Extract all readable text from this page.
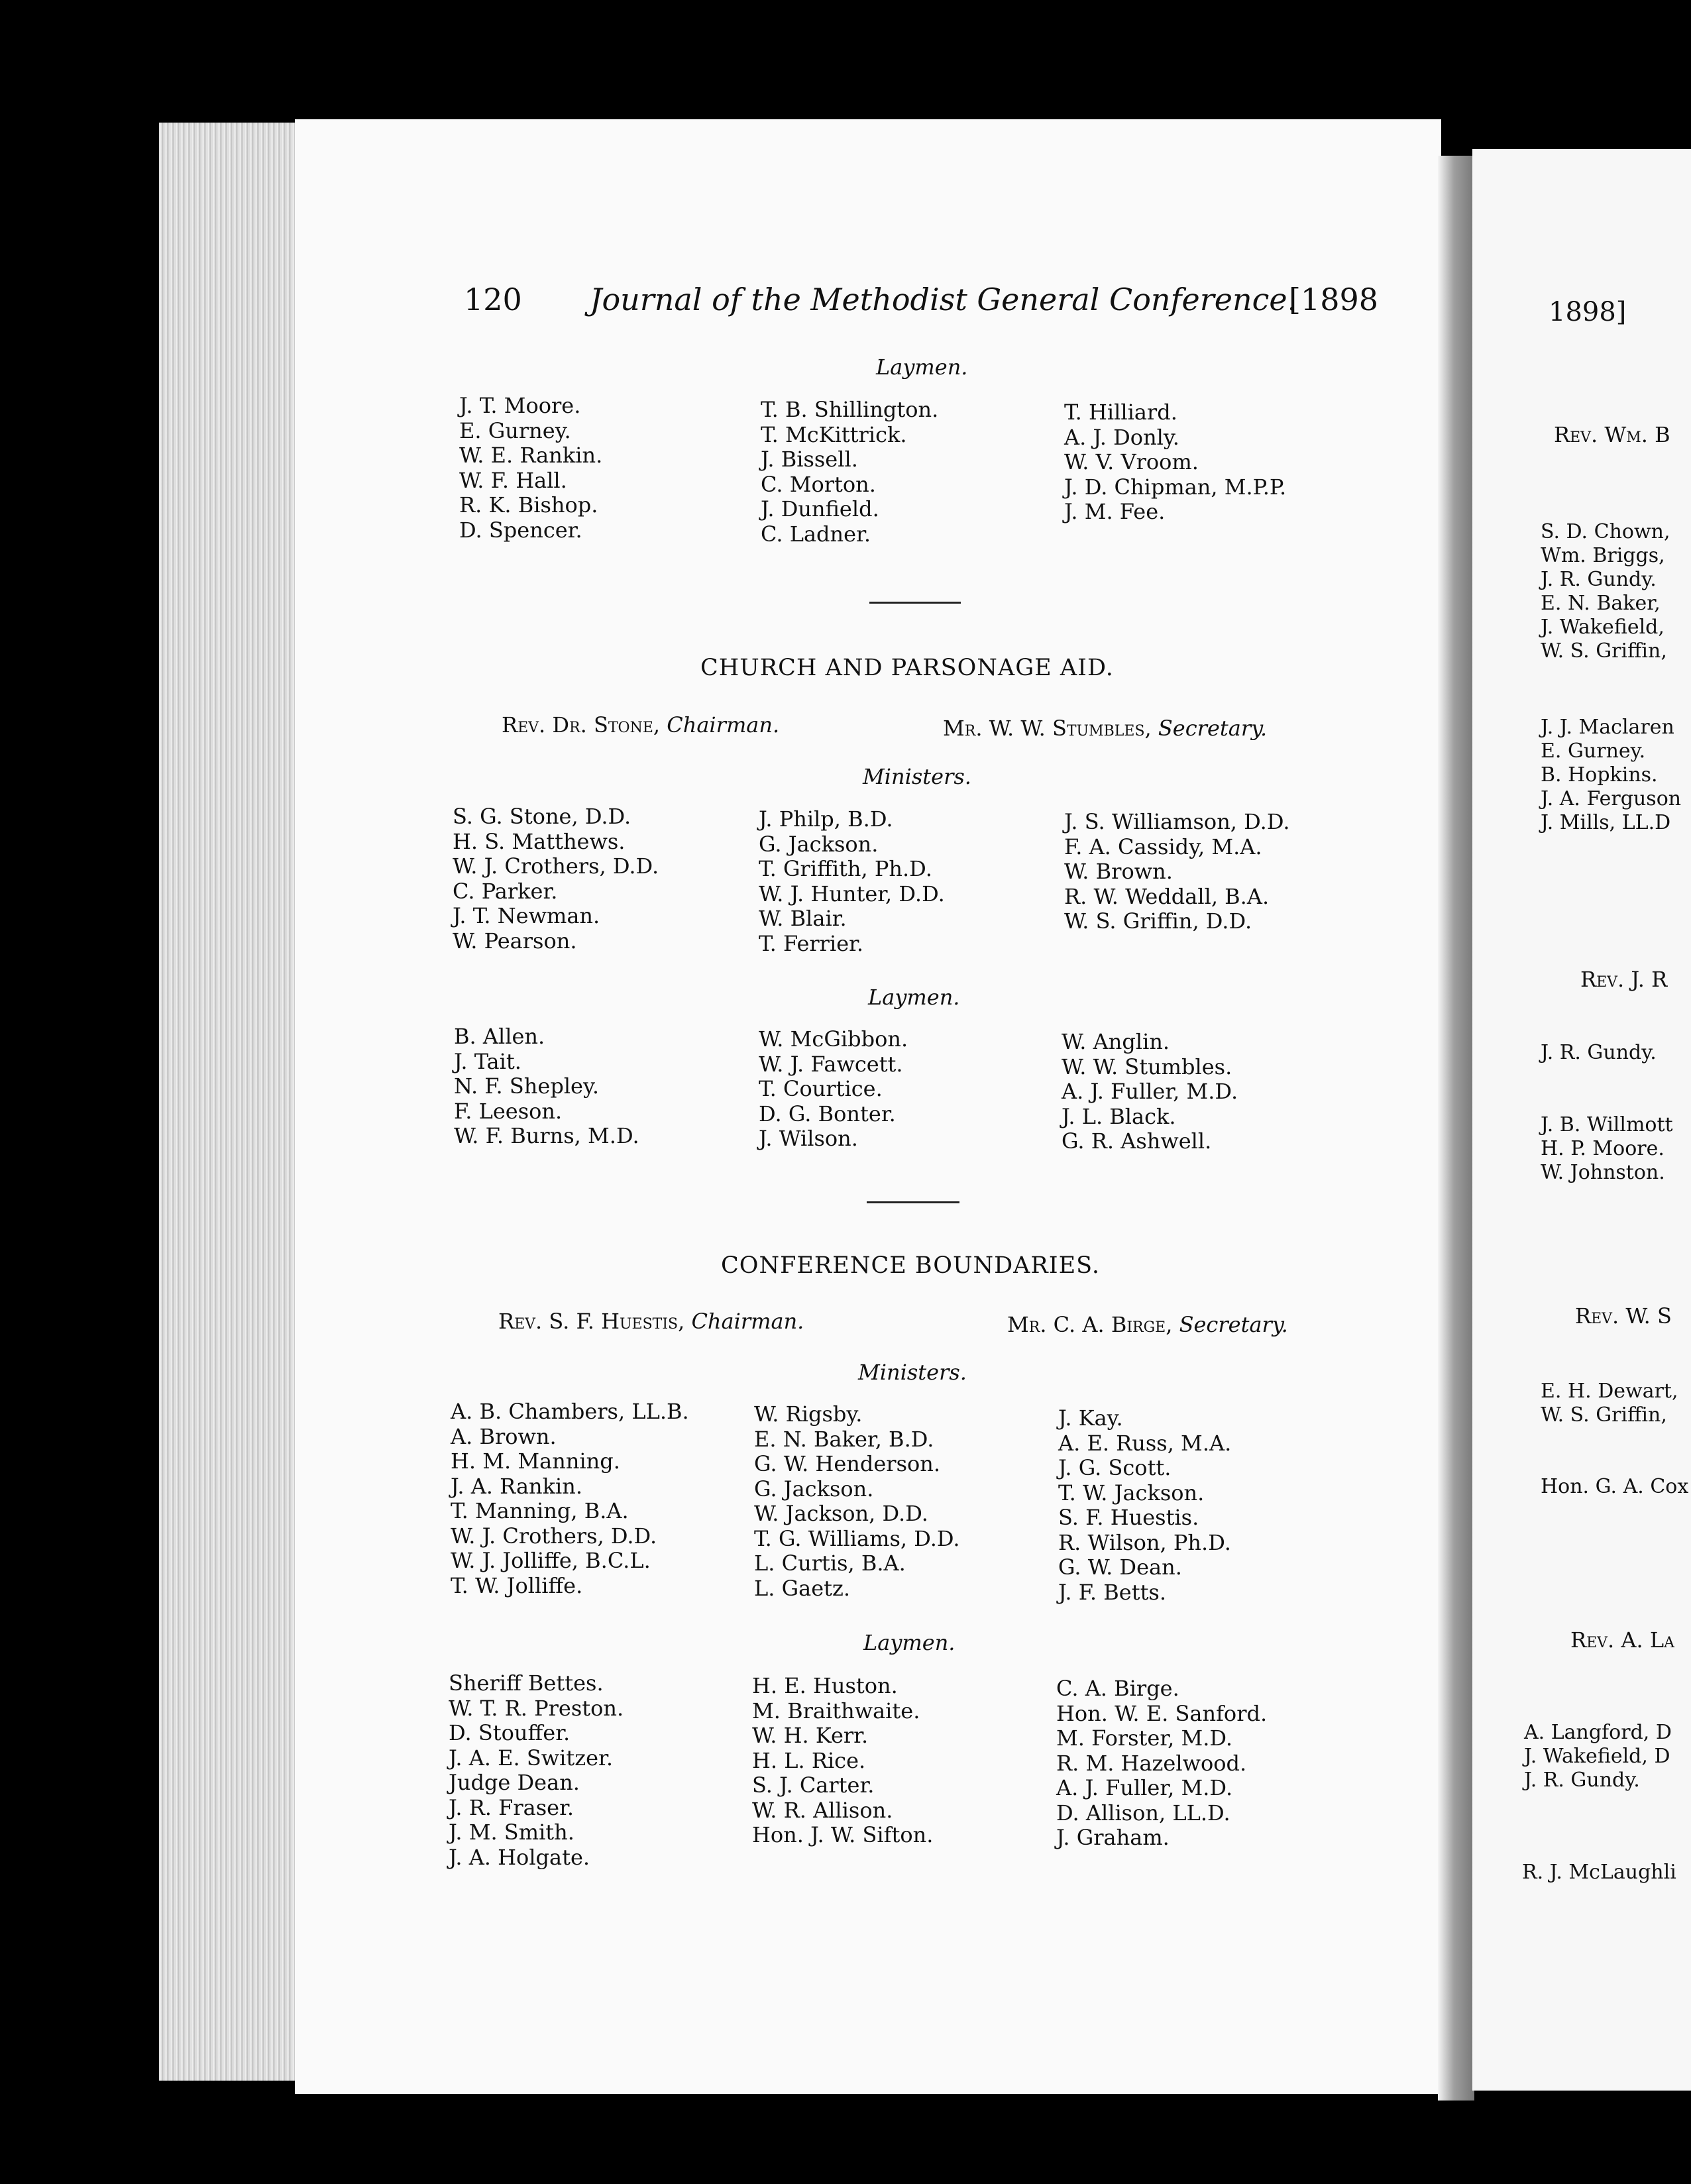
120 Journal of the Methodist General Conference.
[1898
Laymen.
J. T. Moore.
E. Gurney.
W. E. Rankin.
W. F. Hall.
R. K. Bishop.
D. Spencer.
T. B. Shillington.
T. McKittrick.
J. Bissell.
C. Morton.
J. Dunfield.
C. Ladner.
T. Hilliard.
A. J. Donly.
W. V. Vroom.
J. D. Chipman, M.P.P.
J. M. Fee.
CHURCH AND PARSONAGE AID.
Rev. Dr. Stone, Chairman.	Mr. W. W. Stumbles, Secretary.
Ministers.
S. G. Stone, D.D.
H. S. Matthews.
W. J. Crothers, D.D.
C. Parker.
J. T. Newman.
W. Pearson.
J. Philp, B.D.
G. Jackson.
T. Griffith, Ph.D.
W. J. Hunter, D.D.
W. Blair.
T. Ferrier.
J. S. Williamson, D.D.
F. A. Cassidy, M.A.
W. Brown.
R. W. Weddall, B.A.
W. S. Griffin, D.D.
Laymen.
B. Allen.
J. Tait.
N. F. Shepley.
F. Leeson.
W. F. Burns, M.D.
W. McGibbon.
W. J. Fawcett.
T. Courtice.
D. G. Bonter.
J. Wilson.
W. Anglin.
W. W. Stumbles.
A. J. Fuller, M.D.
J. L. Black.
G. R. Ashwell.
CONFERENCE BOUNDARIES.
Rev. S. F. Huestis, Chairman.	Mr. C. A. Birge, Secretary.
Ministers.
A. B. Chambers, LL.B.
A. Brown.
H. M. Manning.
J. A. Rankin.
T. Manning, B.A.
W. J. Crothers, D.D.
W. J. Jolliffe, B.C.L.
T. W. Jolliffe.
W. Rigsby.
E. N. Baker, B.D.
G. W. Henderson.
G. Jackson.
W. Jackson, D.D.
T. G. Williams, D.D.
L. Curtis, B.A.
L. Gaetz.
J. Kay.
A. E. Russ, M.A.
J. G. Scott.
T. W. Jackson.
S. F. Huestis.
R. Wilson, Ph.D.
G. W. Dean.
J. F. Betts.
Laymen.
Sheriff Bettes.
W. T. R. Preston.
D. Stouffer.
J. A. E. Switzer.
Judge Dean.
J. R. Fraser.
J. M. Smith.
J. A. Holgate.
H. E. Huston.
M. Braithwaite.
W. H. Kerr.
H. L. Rice.
S. J. Carter.
W. R. Allison.
Hon. J. W. Sifton.
C. A. Birge.
Hon. W. E. Sanford.
M. Forster, M.D.
R. M. Hazelwood.
A. J. Fuller, M.D.
D. Allison, LL.D.
J. Graham.
1898]
Rev. Wm. B
S. D. Chown,
Wm. Briggs,
J. R. Gundy.
E. N. Baker,
J. Wakefield,
W. S. Griffin,
J. J. Maclaren
E. Gurney.
B. Hopkins.
J. A. Ferguson
J. Mills, LL.D
Rev. J. R
J. R. Gundy.
J. B. Willmott
H. P. Moore.
W. Johnston.
Rev. W. S
E. H. Dewart,
W. S. Griffin,
Hon. G. A. Cox
Rev. A. La
A. Langford, D
J. Wakefield, D
J. R. Gundy.
R. J. McLaughli
